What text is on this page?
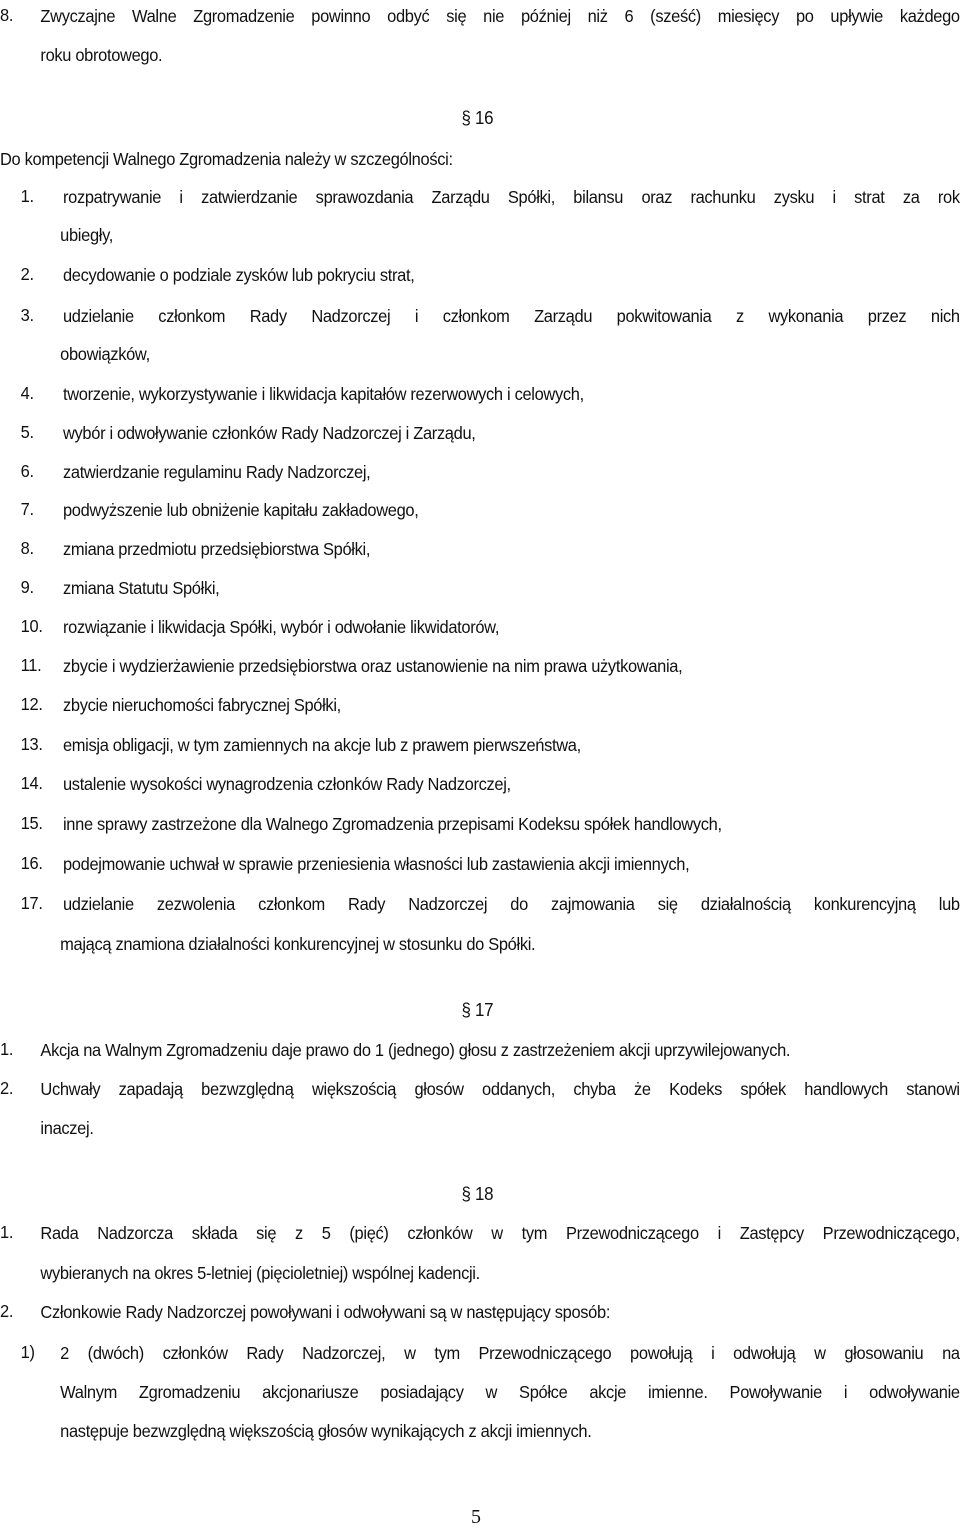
8. Zwyczajne Walne Zgromadzenie powinno odbyć się nie później niż 6 (sześć) miesięcy po upływie każdego
roku obrotowego.
§ 16
Do kompetencji Walnego Zgromadzenia należy w szczególności:
1. rozpatrywanie i zatwierdzanie sprawozdania Zarządu Spółki, bilansu oraz rachunku zysku i strat za rok
ubiegły,
2. decydowanie o podziale zysków lub pokryciu strat,
3. udzielanie członkom Rady Nadzorczej i członkom Zarządu pokwitowania z wykonania przez nich
obowiązków,
4. tworzenie, wykorzystywanie i likwidacja kapitałów rezerwowych i celowych,
5. wybór i odwoływanie członków Rady Nadzorczej i Zarządu,
6. zatwierdzanie regulaminu Rady Nadzorczej,
7. podwyższenie lub obniżenie kapitału zakładowego,
8. zmiana przedmiotu przedsiębiorstwa Spółki,
9. zmiana Statutu Spółki,
10. rozwiązanie i likwidacja Spółki, wybór i odwołanie likwidatorów,
11. zbycie i wydzierżawienie przedsiębiorstwa oraz ustanowienie na nim prawa użytkowania,
12. zbycie nieruchomości fabrycznej Spółki,
13. emisja obligacji, w tym zamiennych na akcje lub z prawem pierwszeństwa,
14. ustalenie wysokości wynagrodzenia członków Rady Nadzorczej,
15. inne sprawy zastrzeżone dla Walnego Zgromadzenia przepisami Kodeksu spółek handlowych,
16. podejmowanie uchwał w sprawie przeniesienia własności lub zastawienia akcji imiennych,
17. udzielanie zezwolenia członkom Rady Nadzorczej do zajmowania się działalnością konkurencyjną lub
mającą znamiona działalności konkurencyjnej w stosunku do Spółki.
§ 17
1. Akcja na Walnym Zgromadzeniu daje prawo do 1 (jednego) głosu z zastrzeżeniem akcji uprzywilejowanych.
2. Uchwały zapadają bezwzględną większością głosów oddanych, chyba że Kodeks spółek handlowych stanowi
inaczej.
§ 18
1. Rada Nadzorcza składa się z 5 (pięć) członków w tym Przewodniczącego i Zastępcy Przewodniczącego,
wybieranych na okres 5-letniej (pięcioletniej) wspólnej kadencji.
2. Członkowie Rady Nadzorczej powoływani i odwoływani są w następujący sposób:
1) 2 (dwóch) członków Rady Nadzorczej, w tym Przewodniczącego powołują i odwołują w głosowaniu na
Walnym Zgromadzeniu akcjonariusze posiadający w Spółce akcje imienne. Powoływanie i odwoływanie
następuje bezwzględną większością głosów wynikających z akcji imiennych.
5
